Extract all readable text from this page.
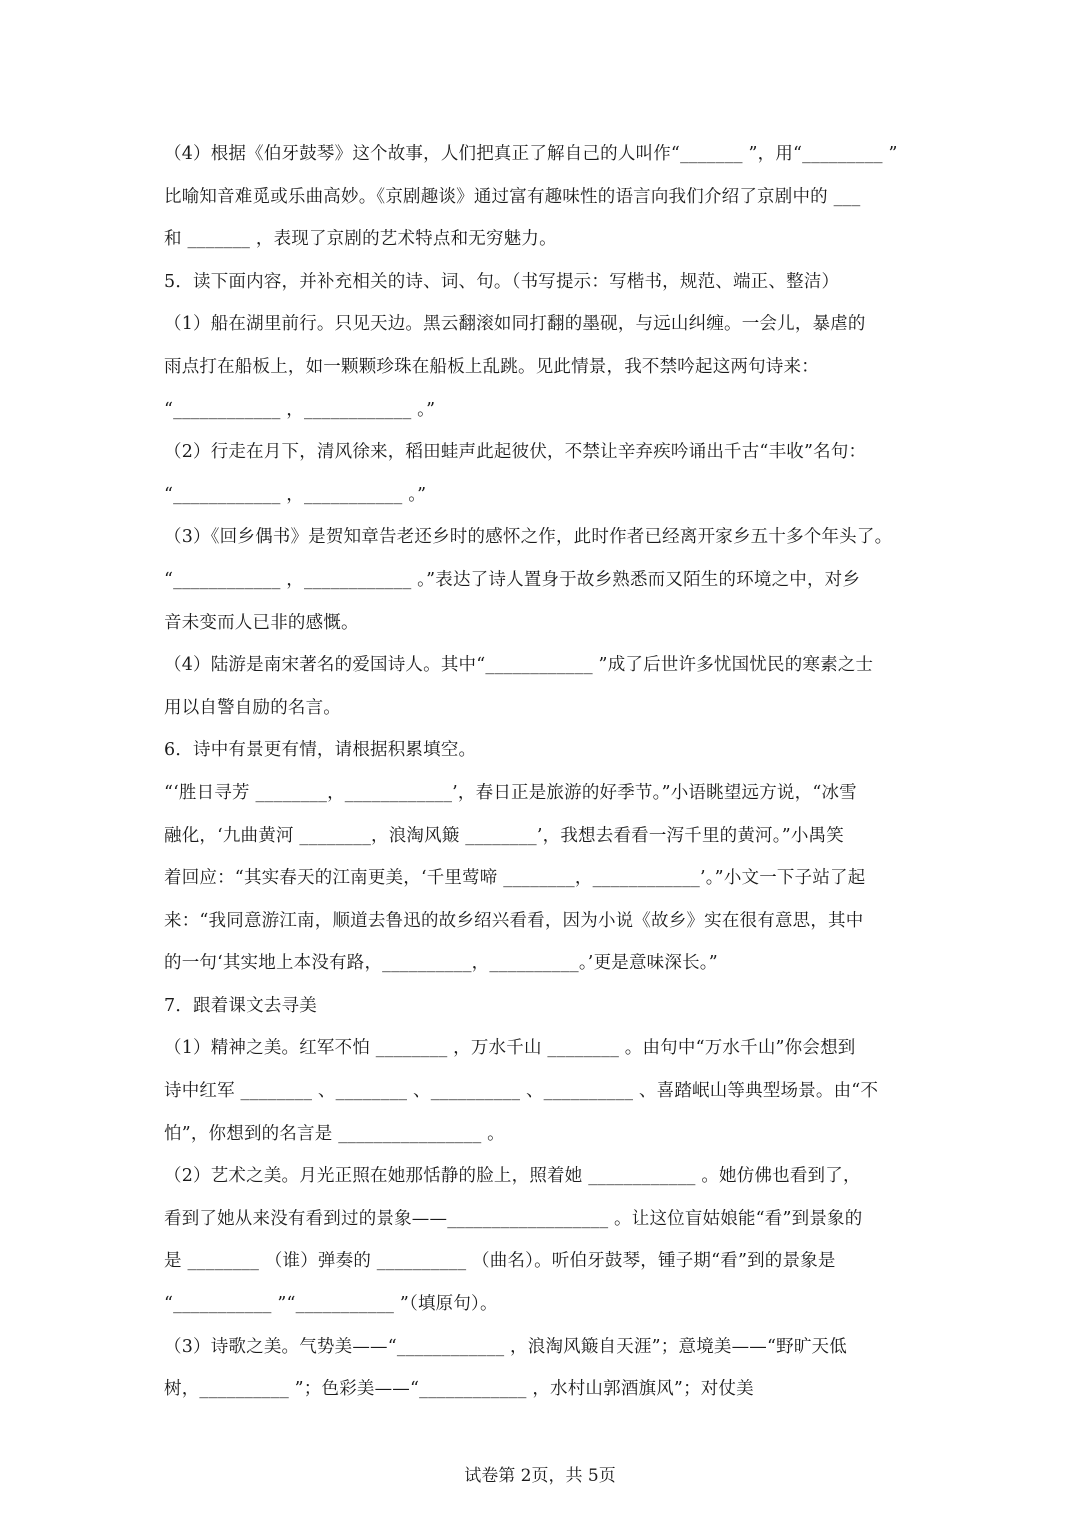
（4）根据《伯牙鼓琴》这个故事，人们把真正了解自己的人叫作“_______ ”，用“_________ ”
比喻知音难觅或乐曲高妙。《京剧趣谈》通过富有趣味性的语言向我们介绍了京剧中的 ___
和 _______ ，表现了京剧的艺术特点和无穷魅力。
5．读下面内容，并补充相关的诗、词、句。（书写提示：写楷书，规范、端正、整洁）
（1）船在湖里前行。只见天边。黑云翻滚如同打翻的墨砚，与远山纠缠。一会儿，暴虐的
雨点打在船板上，如一颗颗珍珠在船板上乱跳。见此情景，我不禁吟起这两句诗来：
“____________ ，____________ 。”
（2）行走在月下，清风徐来，稻田蛙声此起彼伏，不禁让辛弃疾吟诵出千古“丰收”名句：
“____________ ，___________ 。”
（3）《回乡偶书》是贺知章告老还乡时的感怀之作，此时作者已经离开家乡五十多个年头了。
“____________ ，____________ 。”表达了诗人置身于故乡熟悉而又陌生的环境之中，对乡
音未变而人已非的感慨。
（4）陆游是南宋著名的爱国诗人。其中“____________ ”成了后世许多忧国忧民的寒素之士
用以自警自励的名言。
6．诗中有景更有情，请根据积累填空。
“‘胜日寻芳 ________，____________’，春日正是旅游的好季节。”小语眺望远方说，“冰雪
融化，‘九曲黄河 ________，浪淘风簸 ________’，我想去看看一泻千里的黄河。”小禺笑
着回应：“其实春天的江南更美，‘千里莺啼 ________，____________’。”小文一下子站了起
来：“我同意游江南，顺道去鲁迅的故乡绍兴看看，因为小说《故乡》实在很有意思，其中
的一句‘其实地上本没有路，__________，__________。’更是意味深长。”
7．跟着课文去寻美
（1）精神之美。红军不怕 ________ ，万水千山 ________ 。由句中“万水千山”你会想到
诗中红军 ________ 、________ 、__________ 、__________ 、喜踏岷山等典型场景。由“不
怕”，你想到的名言是 ________________ 。
（2）艺术之美。月光正照在她那恬静的脸上，照着她 ____________ 。她仿佛也看到了，
看到了她从来没有看到过的景象——__________________ 。让这位盲姑娘能“看”到景象的
是 ________ （谁）弹奏的 __________ （曲名）。听伯牙鼓琴，锺子期“看”到的景象是
“___________ ”“___________ ”（填原句）。
（3）诗歌之美。气势美——“____________ ，浪淘风簸自天涯”；意境美——“野旷天低
树，__________ ”；色彩美——“____________ ，水村山郭酒旗风”；对仗美
试卷第 2页，共 5页
